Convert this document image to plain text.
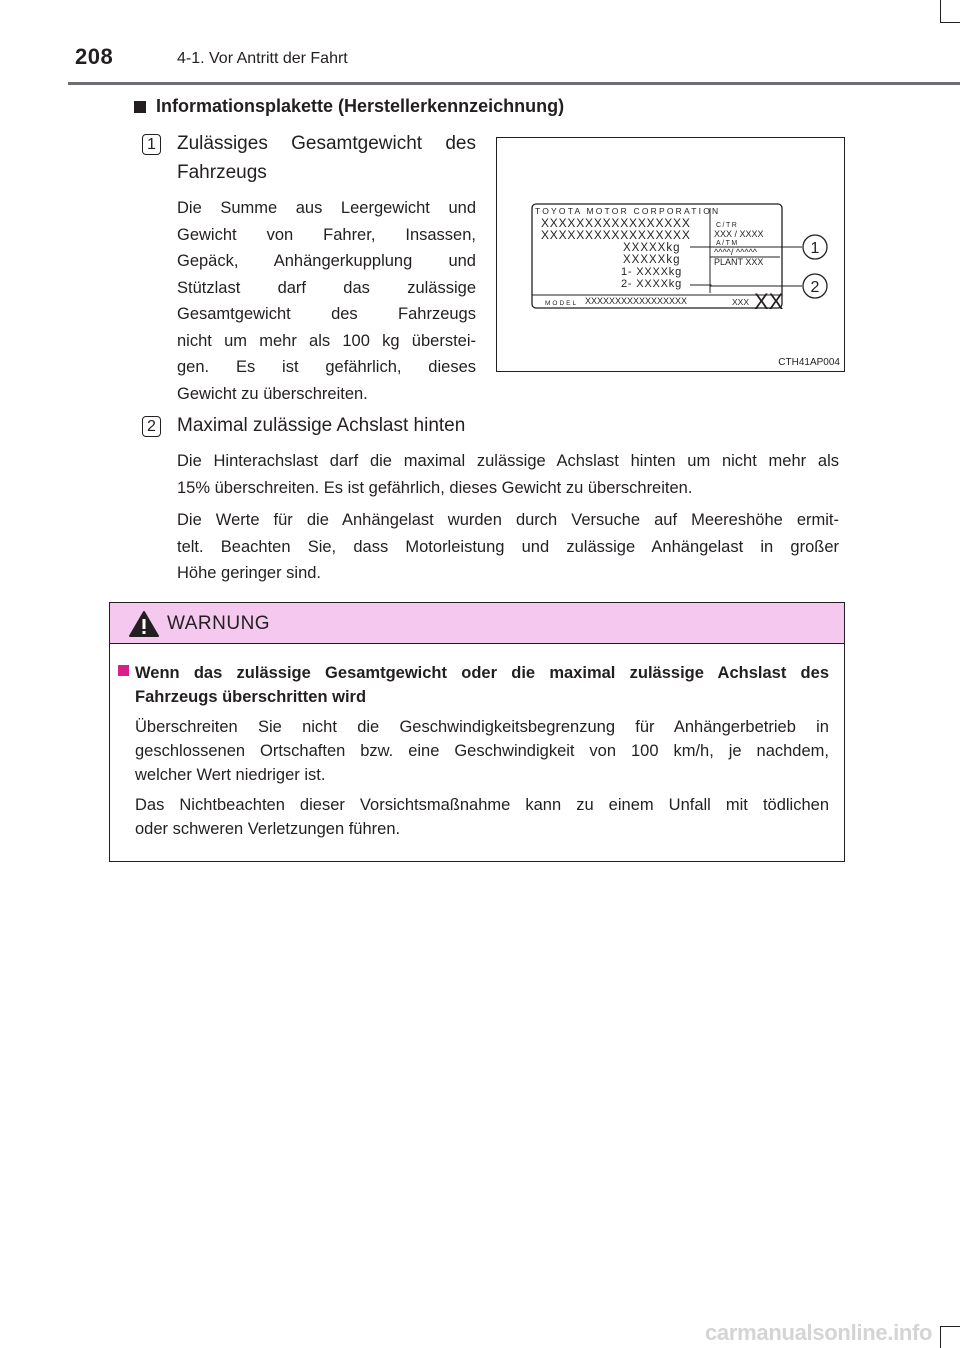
208	4-1. Vor Antritt der Fahrt
Informationsplakette (Herstellerkennzeichnung)
1 Zulässiges Gesamtgewicht des
Fahrzeugs
Die Summe aus Leergewicht und
Gewicht von Fahrer, Insassen,
Gepäck, Anhängerkupplung und
Stützlast darf das zulässige
Gesamtgewicht des Fahrzeugs
nicht um mehr als 100 kg überstei-
gen. Es ist gefährlich, dieses
Gewicht zu überschreiten.
TOYOTA MOTOR CORPORATION
XXXXXXXXXXXXXXXXX
XXXXXXXXXXXXXXXXX
XXXXXkg
XXXXXkg
1- XXXXkg
2- XXXXkg
C/TR
XXX / XXXX
A/TM
^^^^/ ^^^^^
PLANT XXX
MODEL XXXXXXXXXXXXXXXXX	XXX XX
1
2
CTH41AP004
2 Maximal zulässige Achslast hinten
Die Hinterachslast darf die maximal zulässige Achslast hinten um nicht mehr als
15% überschreiten. Es ist gefährlich, dieses Gewicht zu überschreiten.
Die Werte für die Anhängelast wurden durch Versuche auf Meereshöhe ermit-
telt. Beachten Sie, dass Motorleistung und zulässige Anhängelast in großer
Höhe geringer sind.
WARNUNG
Wenn das zulässige Gesamtgewicht oder die maximal zulässige Achslast des
Fahrzeugs überschritten wird
Überschreiten Sie nicht die Geschwindigkeitsbegrenzung für Anhängerbetrieb in
geschlossenen Ortschaften bzw. eine Geschwindigkeit von 100 km/h, je nachdem,
welcher Wert niedriger ist.
Das Nichtbeachten dieser Vorsichtsmaßnahme kann zu einem Unfall mit tödlichen
oder schweren Verletzungen führen.
carmanualsonline.info
